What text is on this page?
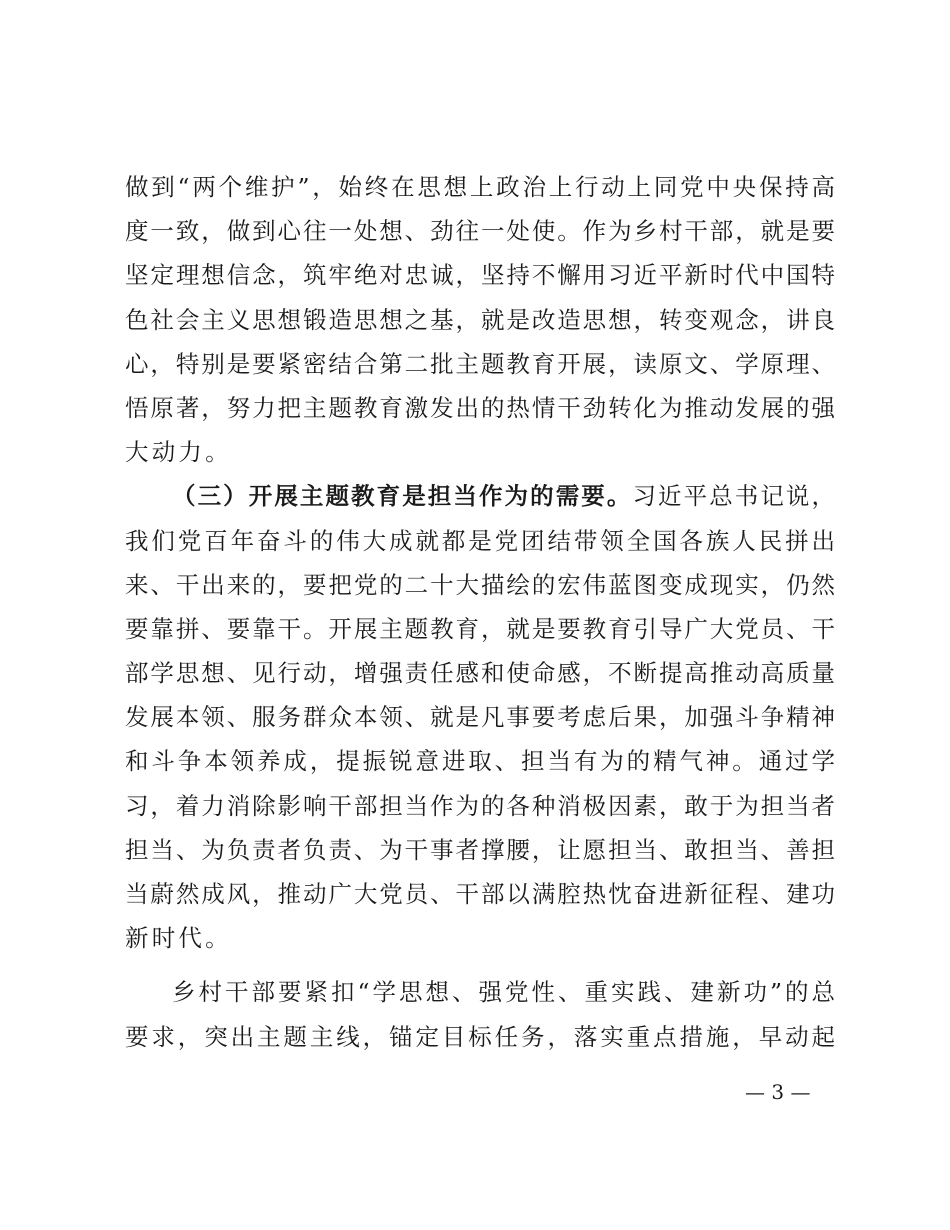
做到“两个维护”，始终在思想上政治上行动上同党中央保持高
度一致，做到心往一处想、劲往一处使。作为乡村干部，就是要
坚定理想信念，筑牢绝对忠诚，坚持不懈用习近平新时代中国特
色社会主义思想锻造思想之基，就是改造思想，转变观念，讲良
心，特别是要紧密结合第二批主题教育开展，读原文、学原理、
悟原著，努力把主题教育激发出的热情干劲转化为推动发展的强
大动力。
（三）开展主题教育是担当作为的需要。习近平总书记说，
我们党百年奋斗的伟大成就都是党团结带领全国各族人民拼出
来、干出来的，要把党的二十大描绘的宏伟蓝图变成现实，仍然
要靠拼、要靠干。开展主题教育，就是要教育引导广大党员、干
部学思想、见行动，增强责任感和使命感，不断提高推动高质量
发展本领、服务群众本领、就是凡事要考虑后果，加强斗争精神
和斗争本领养成，提振锐意进取、担当有为的精气神。通过学
习，着力消除影响干部担当作为的各种消极因素，敢于为担当者
担当、为负责者负责、为干事者撑腰，让愿担当、敢担当、善担
当蔚然成风，推动广大党员、干部以满腔热忱奋进新征程、建功
新时代。
乡村干部要紧扣“学思想、强党性、重实践、建新功”的总
要求，突出主题主线，锚定目标任务，落实重点措施，早动起
— 3 —
